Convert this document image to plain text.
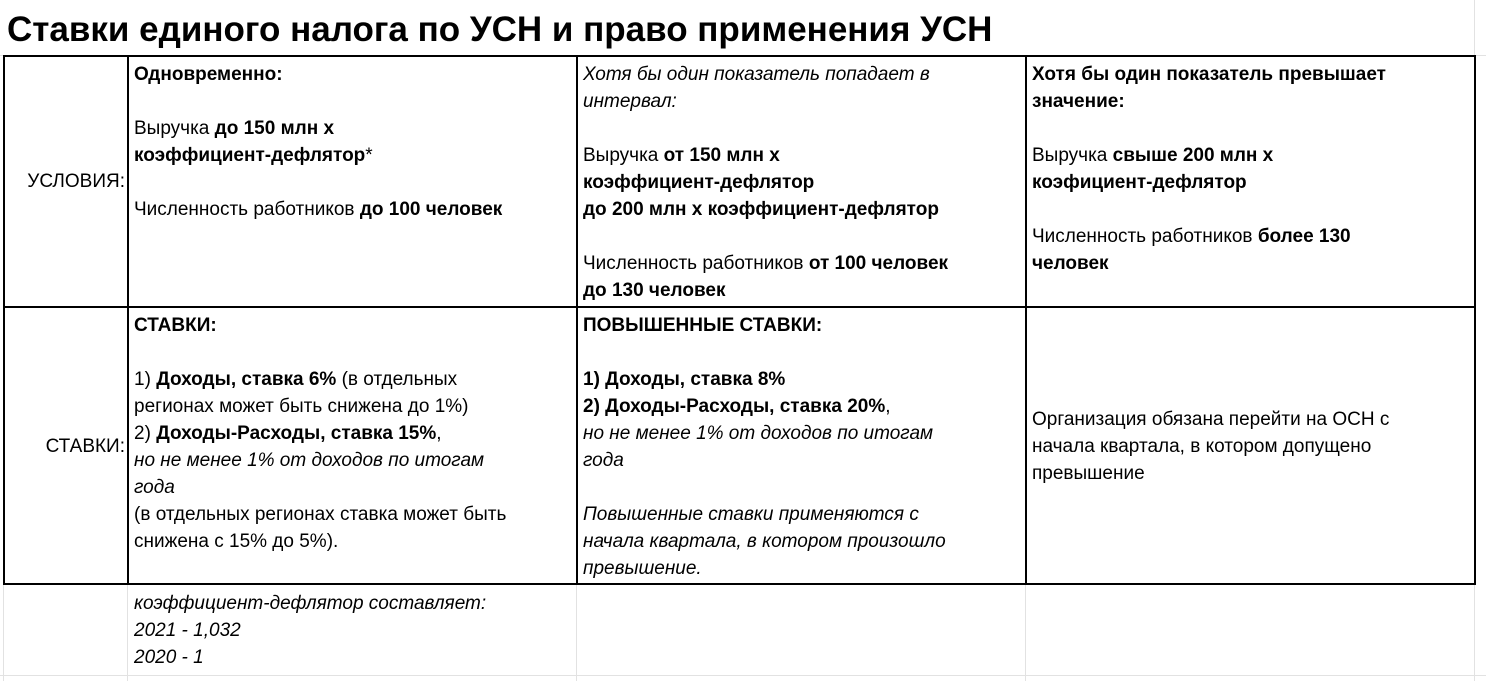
Ставки единого налога по УСН и право применения УСН
УСЛОВИЯ:

Одновременно:

Выручка до 150 млн х

коэффициент-дефлятор*

Численность работников до 100 человек

Хотя бы один показатель попадает в

интервал:

Выручка от 150 млн х

коэффициент-дефлятор

до 200 млн х коэффициент-дефлятор

Численность работников от 100 человек

до 130 человек

Хотя бы один показатель превышает

значение:

Выручка свыше 200 млн х

коэфициент-дефлятор

Численность работников более 130

человек

СТАВКИ:

СТАВКИ:

1) Доходы, ставка 6% (в отдельных

регионах может быть снижена до 1%)

2) Доходы-Расходы, ставка 15%,

но не менее 1% от доходов по итогам

года

(в отдельных регионах ставка может быть

снижена с 15% до 5%).

ПОВЫШЕННЫЕ СТАВКИ:

1) Доходы, ставка 8%

2) Доходы-Расходы, ставка 20%,

но не менее 1% от доходов по итогам

года

Повышенные ставки применяются с

начала квартала, в котором произошло

превышение.

Организация обязана перейти на ОСН с

начала квартала, в котором допущено

превышение

коэффициент-дефлятор составляет:

2021 - 1,032

2020 - 1
